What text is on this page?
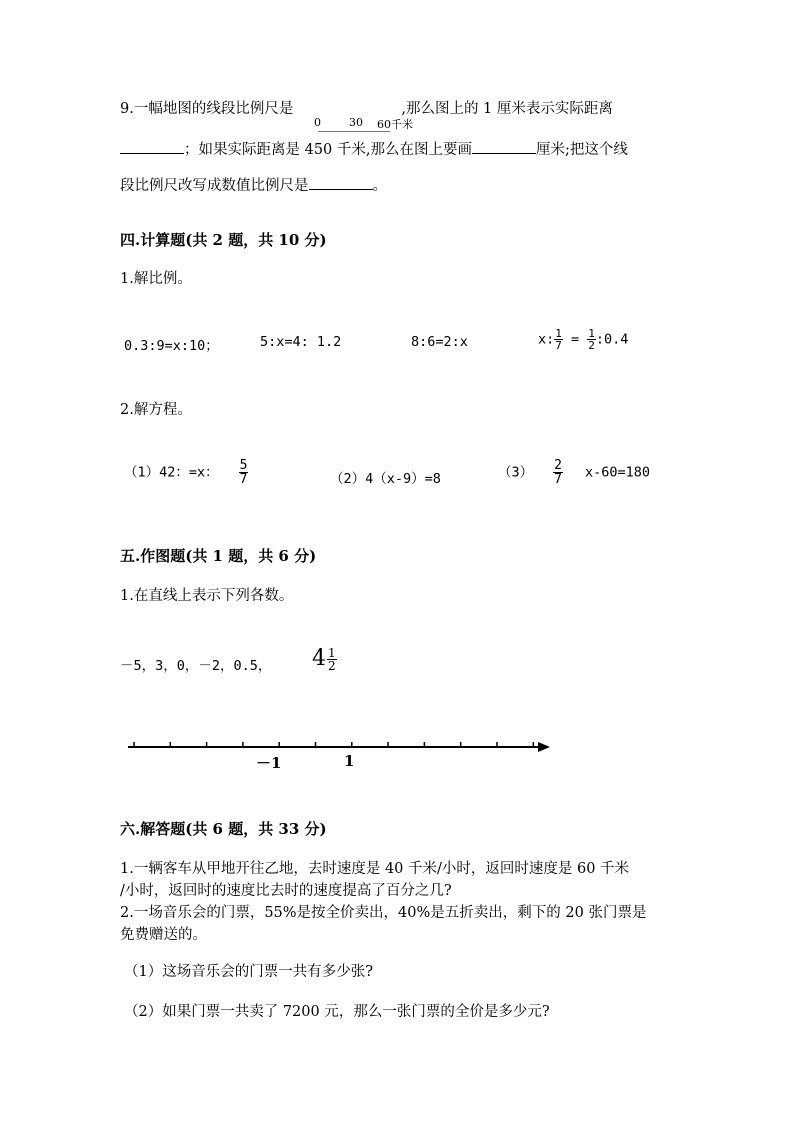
9.一幅地图的线段比例尺是	,那么图上的 1 厘米表示实际距离
0	30 60千米
；如果实际距离是 450 千米,那么在图上要画	厘米;把这个线
段比例尺改写成数值比例尺是	。
四.计算题(共 2 题，共 10 分)
1.解比例。
0.3:9=x:10；	5:x=4: 1.2	8:6=2:x	x: $\frac{1}{7} = \frac{1}{2}$ :0.4
2.解方程。
（1）42：=x： $\frac{5}{7}$	（2）4（x-9）=8	$(3) \frac{2}{7} x-60=180$
五.作图题(共 1 题，共 6 分)
1.在直线上表示下列各数。
－5，3，0，－2，0.5， $4 \frac{1}{2}$
－1	1
六.解答题(共 6 题，共 33 分)
1.一辆客车从甲地开往乙地，去时速度是 40 千米/小时，返回时速度是 60 千米
/小时，返回时的速度比去时的速度提高了百分之几?
2.一场音乐会的门票，55%是按全价卖出，40%是五折卖出，剩下的 20 张门票是
免费赠送的。
（1）这场音乐会的门票一共有多少张?
（2）如果门票一共卖了 7200 元，那么一张门票的全价是多少元?
